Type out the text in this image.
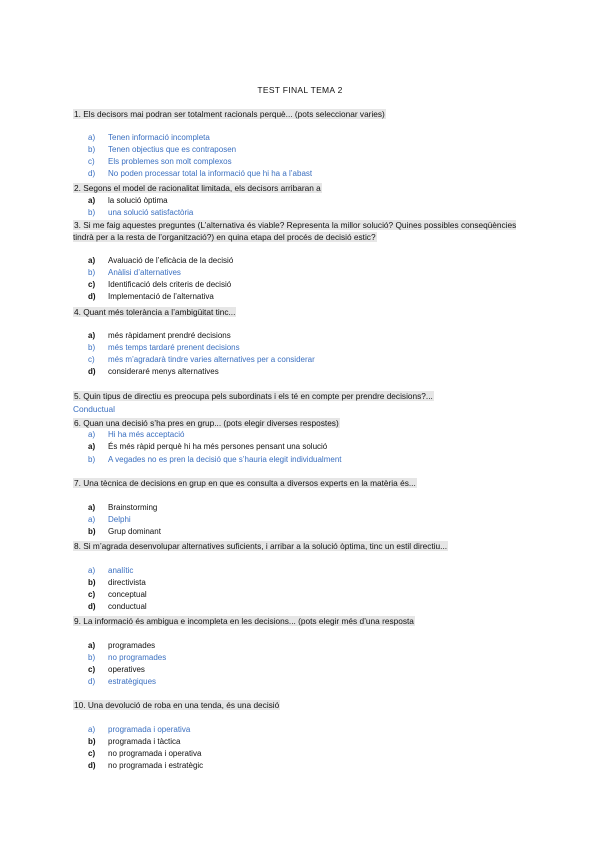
TEST FINAL TEMA 2
1. Els decisors mai podran ser totalment racionals perquè... (pots seleccionar varies)
a) Tenen informació incompleta
b) Tenen objectius que es contraposen
c) Els problemes son molt complexos
d) No poden processar total la informació que hi ha a l’abast
2. Segons el model de racionalitat limitada, els decisors arribaran a
a) la solució òptima
b) una solució satisfactòria
3. Si me faig aquestes preguntes (L’alternativa és viable? Representa la millor solució? Quines possibles conseqüències tindrà per a la resta de l’organització?) en quina etapa del procés de decisió estic?
a) Avaluació de l’eficàcia de la decisió
b) Anàlisi d’alternatives
c) Identificació dels criteris de decisió
d) Implementació de l’alternativa
4. Quant més tolerància a l’ambigüitat tinc...
a) més ràpidament prendré decisions
b) més temps tardaré prenent decisions
c) més m’agradarà tindre varies alternatives per a considerar
d) consideraré menys alternatives
5. Quin tipus de directiu es preocupa pels subordinats i els té en compte per prendre decisions?...
Conductual
6. Quan una decisió s’ha pres en grup... (pots elegir diverses respostes)
a) Hi ha més acceptació
a) És més ràpid perquè hi ha més persones pensant una solució
b) A vegades no es pren la decisió que s’hauria elegit individualment
7. Una tècnica de decisions en grup en que es consulta a diversos experts en la matèria és...
a) Brainstorming
a) Delphi
b) Grup dominant
8. Si m’agrada desenvolupar alternatives suficients, i arribar a la solució òptima, tinc un estil directiu...
a) analític
b) directivista
c) conceptual
d) conductual
9. La informació és ambigua e incompleta en les decisions... (pots elegir més d’una resposta
a) programades
b) no programades
c) operatives
d) estratègiques
10. Una devolució de roba en una tenda, és una decisió
a) programada i operativa
b) programada i tàctica
c) no programada i operativa
d) no programada i estratègic
